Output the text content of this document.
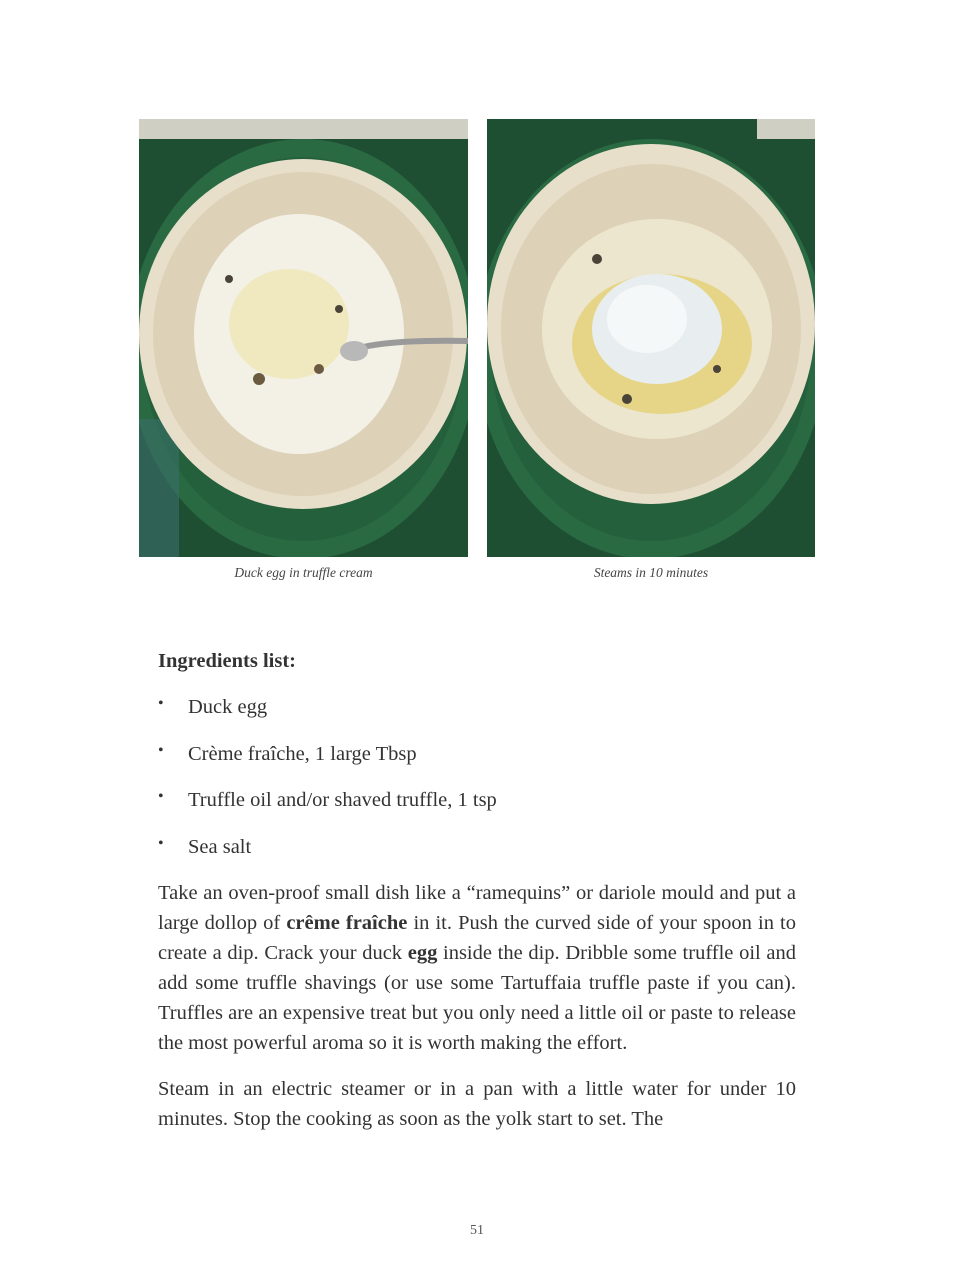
Duck egg in truffle cream	Steams in 10 minutes
Ingredients list:
• Duck egg
• Crème fraîche, 1 large Tbsp
• Truffle oil and/or shaved truffle, 1 tsp
• Sea salt

Take an oven-proof small dish like a “ramequins” or dariole mould and put a large dollop of crême fraîche in it. Push the curved side of your spoon in to create a dip. Crack your duck egg inside the dip. Dribble some truffle oil and add some truffle shavings (or use some Tartuffaia truffle paste if you can). Truffles are an expensive treat but you only need a little oil or paste to release the most powerful aroma so it is worth making the effort.

Steam in an electric steamer or in a pan with a little water for under 10 minutes. Stop the cooking as soon as the yolk start to set. The

51
